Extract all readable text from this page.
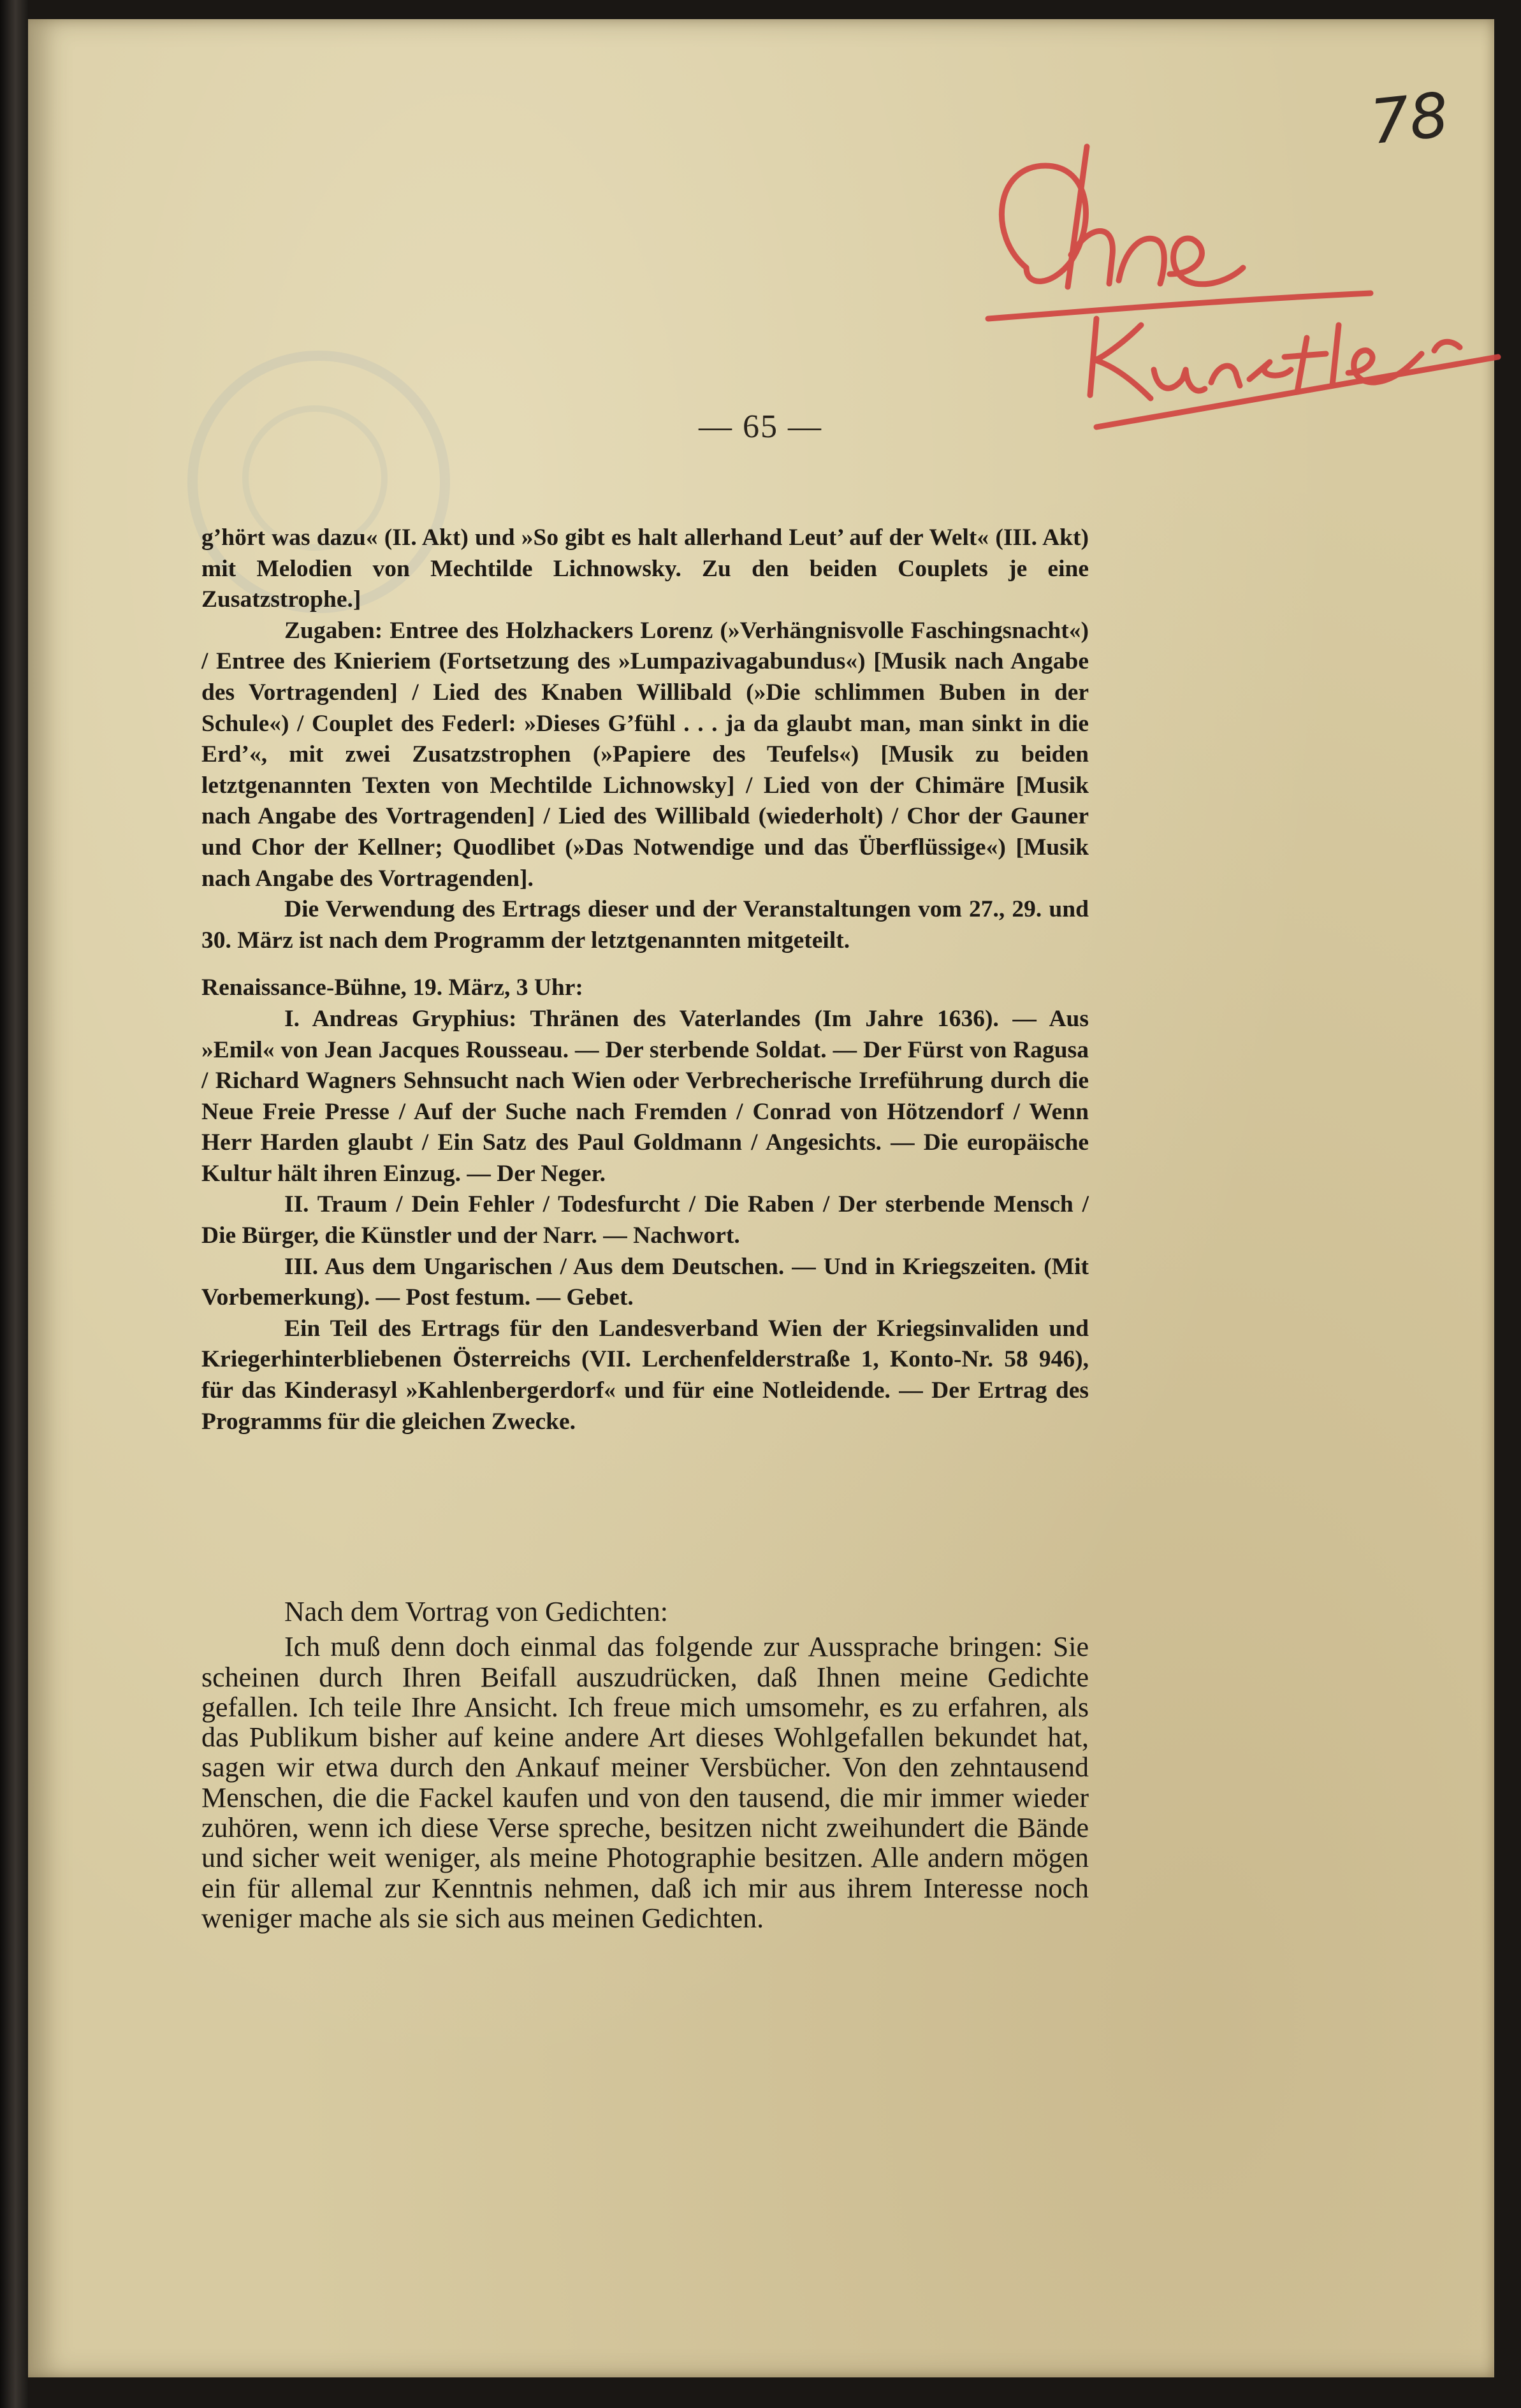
78
— 65 —

g’hört was dazu« (II. Akt) und »So gibt es halt allerhand Leut’ auf der Welt« (III. Akt) mit Melodien von Mechtilde Lichnowsky. Zu den beiden Couplets je eine Zusatzstrophe.]

Zugaben: Entree des Holzhackers Lorenz (»Verhängnisvolle Faschingsnacht«) / Entree des Knieriem (Fortsetzung des »Lumpazivagabundus«) [Musik nach Angabe des Vortragenden] / Lied des Knaben Willibald (»Die schlimmen Buben in der Schule«) / Couplet des Federl: »Dieses G’fühl . . . ja da glaubt man, man sinkt in die Erd’«, mit zwei Zusatzstrophen (»Papiere des Teufels«) [Musik zu beiden letztgenannten Texten von Mechtilde Lichnowsky] / Lied von der Chimäre [Musik nach Angabe des Vortragenden] / Lied des Willibald (wiederholt) / Chor der Gauner und Chor der Kellner; Quodlibet (»Das Notwendige und das Überflüssige«) [Musik nach Angabe des Vortragenden].

Die Verwendung des Ertrags dieser und der Veranstaltungen vom 27., 29. und 30. März ist nach dem Programm der letztgenannten mitgeteilt.

Renaissance-Bühne, 19. März, 3 Uhr:

I. Andreas Gryphius: Thränen des Vaterlandes (Im Jahre 1636). — Aus »Emil« von Jean Jacques Rousseau. — Der sterbende Soldat. — Der Fürst von Ragusa / Richard Wagners Sehnsucht nach Wien oder Verbrecherische Irreführung durch die Neue Freie Presse / Auf der Suche nach Fremden / Conrad von Hötzendorf / Wenn Herr Harden glaubt / Ein Satz des Paul Goldmann / Angesichts. — Die europäische Kultur hält ihren Einzug. — Der Neger.

II. Traum / Dein Fehler / Todesfurcht / Die Raben / Der sterbende Mensch / Die Bürger, die Künstler und der Narr. — Nachwort.

III. Aus dem Ungarischen / Aus dem Deutschen. — Und in Kriegszeiten. (Mit Vorbemerkung). — Post festum. — Gebet.

Ein Teil des Ertrags für den Landesverband Wien der Kriegsinvaliden und Kriegerhinterbliebenen Österreichs (VII. Lerchenfelderstraße 1, Konto-Nr. 58 946), für das Kinderasyl »Kahlenbergerdorf« und für eine Notleidende. — Der Ertrag des Programms für die gleichen Zwecke.

Nach dem Vortrag von Gedichten:

Ich muß denn doch einmal das folgende zur Aussprache bringen: Sie scheinen durch Ihren Beifall auszudrücken, daß Ihnen meine Gedichte gefallen. Ich teile Ihre Ansicht. Ich freue mich umsomehr, es zu erfahren, als das Publikum bisher auf keine andere Art dieses Wohlgefallen bekundet hat, sagen wir etwa durch den Ankauf meiner Versbücher. Von den zehntausend Menschen, die die Fackel kaufen und von den tausend, die mir immer wieder zuhören, wenn ich diese Verse spreche, besitzen nicht zweihundert die Bände und sicher weit weniger, als meine Photographie besitzen. Alle andern mögen ein für allemal zur Kenntnis nehmen, daß ich mir aus ihrem Interesse noch weniger mache als sie sich aus meinen Gedichten.
